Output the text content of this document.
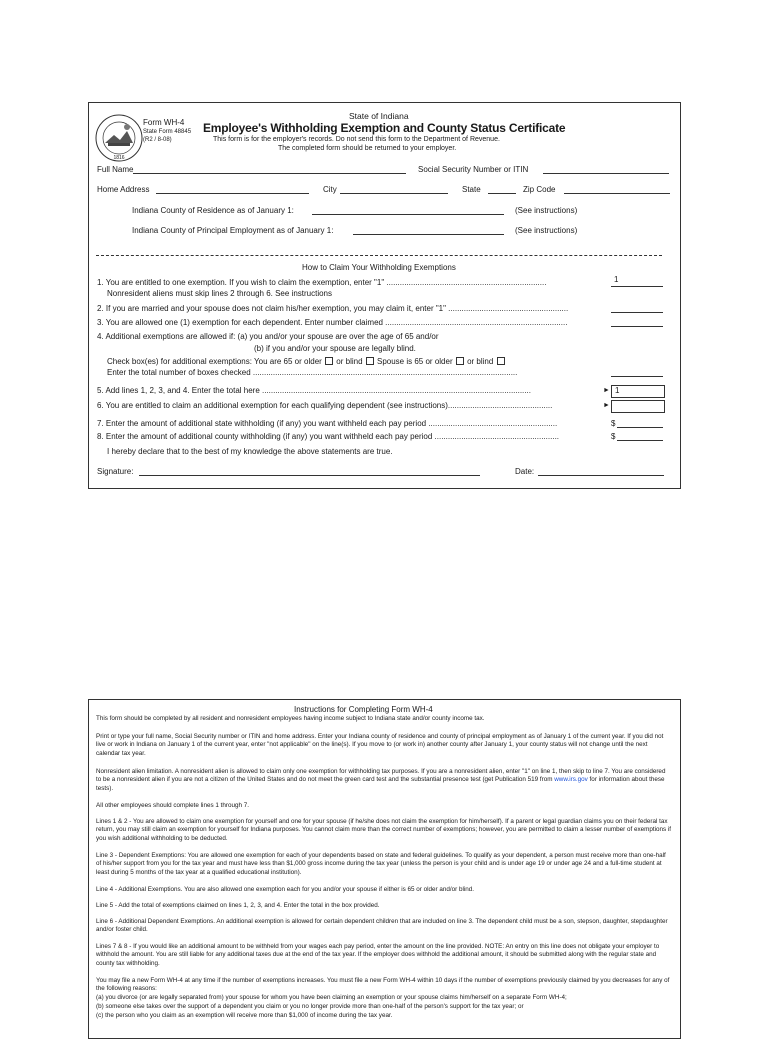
1816
Form WH-4
State Form 48845
(R2 / 8-08)
State of Indiana
Employee's Withholding Exemption and County Status Certificate
This form is for the employer's records. Do not send this form to the Department of Revenue.
The completed form should be returned to your employer.
Full Name	Social Security Number or ITIN
Home Address	City	State	Zip Code
Indiana County of Residence as of January 1:	(See instructions)
Indiana County of Principal Employment as of January 1:	(See instructions)
How to Claim Your Withholding Exemptions
1. You are entitled to one exemption. If you wish to claim the exemption, enter "1" ........................................................................	1
Nonresident aliens must skip lines 2 through 6. See instructions
2. If you are married and your spouse does not claim his/her exemption, you may claim it, enter "1" ......................................................
3. You are allowed one (1) exemption for each dependent. Enter number claimed ..................................................................................
4. Additional exemptions are allowed if: (a) you and/or your spouse are over the age of 65 and/or
(b) if you and/or your spouse are legally blind.
Check box(es) for additional exemptions: You are 65 or older or blind Spouse is 65 or older or blind
Enter the total number of boxes checked .......................................................................................................................
5. Add lines 1, 2, 3, and 4. Enter the total here .........................................................................................................................	► 1
6. You are entitled to claim an additional exemption for each qualifying dependent (see instructions)...............................................	►
7. Enter the amount of additional state withholding (if any) you want withheld each pay period ..........................................................	$
8. Enter the amount of additional county withholding (if any) you want withheld each pay period ........................................................	$
I hereby declare that to the best of my knowledge the above statements are true.
Signature:	Date:
Instructions for Completing Form WH-4
This form should be completed by all resident and nonresident employees having income subject to Indiana state and/or county income tax.
Print or type your full name, Social Security number or ITIN and home address. Enter your Indiana county of residence and county of principal employment as of January 1 of the current year. If you did not live or work in Indiana on January 1 of the current year, enter "not applicable" on the line(s). If you move to (or work in) another county after January 1, your county status will not change until the next calendar tax year.
Nonresident alien limitation. A nonresident alien is allowed to claim only one exemption for withholding tax purposes. If you are a nonresident alien, enter "1" on line 1, then skip to line 7. You are considered to be a nonresident alien if you are not a citizen of the United States and do not meet the green card test and the substantial presence test (get Publication 519 from www.irs.gov for information about these tests).
All other employees should complete lines 1 through 7.
Lines 1 & 2 - You are allowed to claim one exemption for yourself and one for your spouse (if he/she does not claim the exemption for him/herself). If a parent or legal guardian claims you on their federal tax return, you may still claim an exemption for yourself for Indiana purposes. You cannot claim more than the correct number of exemptions; however, you are permitted to claim a lesser number of exemptions if you wish additional withholding to be deducted.
Line 3 - Dependent Exemptions: You are allowed one exemption for each of your dependents based on state and federal guidelines. To qualify as your dependent, a person must receive more than one-half of his/her support from you for the tax year and must have less than $1,000 gross income during the tax year (unless the person is your child and is under age 19 or under age 24 and a full-time student at least during 5 months of the tax year at a qualified educational institution).
Line 4 - Additional Exemptions. You are also allowed one exemption each for you and/or your spouse if either is 65 or older and/or blind.
Line 5 - Add the total of exemptions claimed on lines 1, 2, 3, and 4. Enter the total in the box provided.
Line 6 - Additional Dependent Exemptions. An additional exemption is allowed for certain dependent children that are included on line 3. The dependent child must be a son, stepson, daughter, stepdaughter and/or foster child.
Lines 7 & 8 - If you would like an additional amount to be withheld from your wages each pay period, enter the amount on the line provided. NOTE: An entry on this line does not obligate your employer to withhold the amount. You are still liable for any additional taxes due at the end of the tax year. If the employer does withhold the additional amount, it should be submitted along with the regular state and county tax withholding.
You may file a new Form WH-4 at any time if the number of exemptions increases. You must file a new Form WH-4 within 10 days if the number of exemptions previously claimed by you decreases for any of the following reasons:
(a) you divorce (or are legally separated from) your spouse for whom you have been claiming an exemption or your spouse claims him/herself on a separate Form WH-4;
(b) someone else takes over the support of a dependent you claim or you no longer provide more than one-half of the person's support for the tax year; or
(c) the person who you claim as an exemption will receive more than $1,000 of income during the tax year.
